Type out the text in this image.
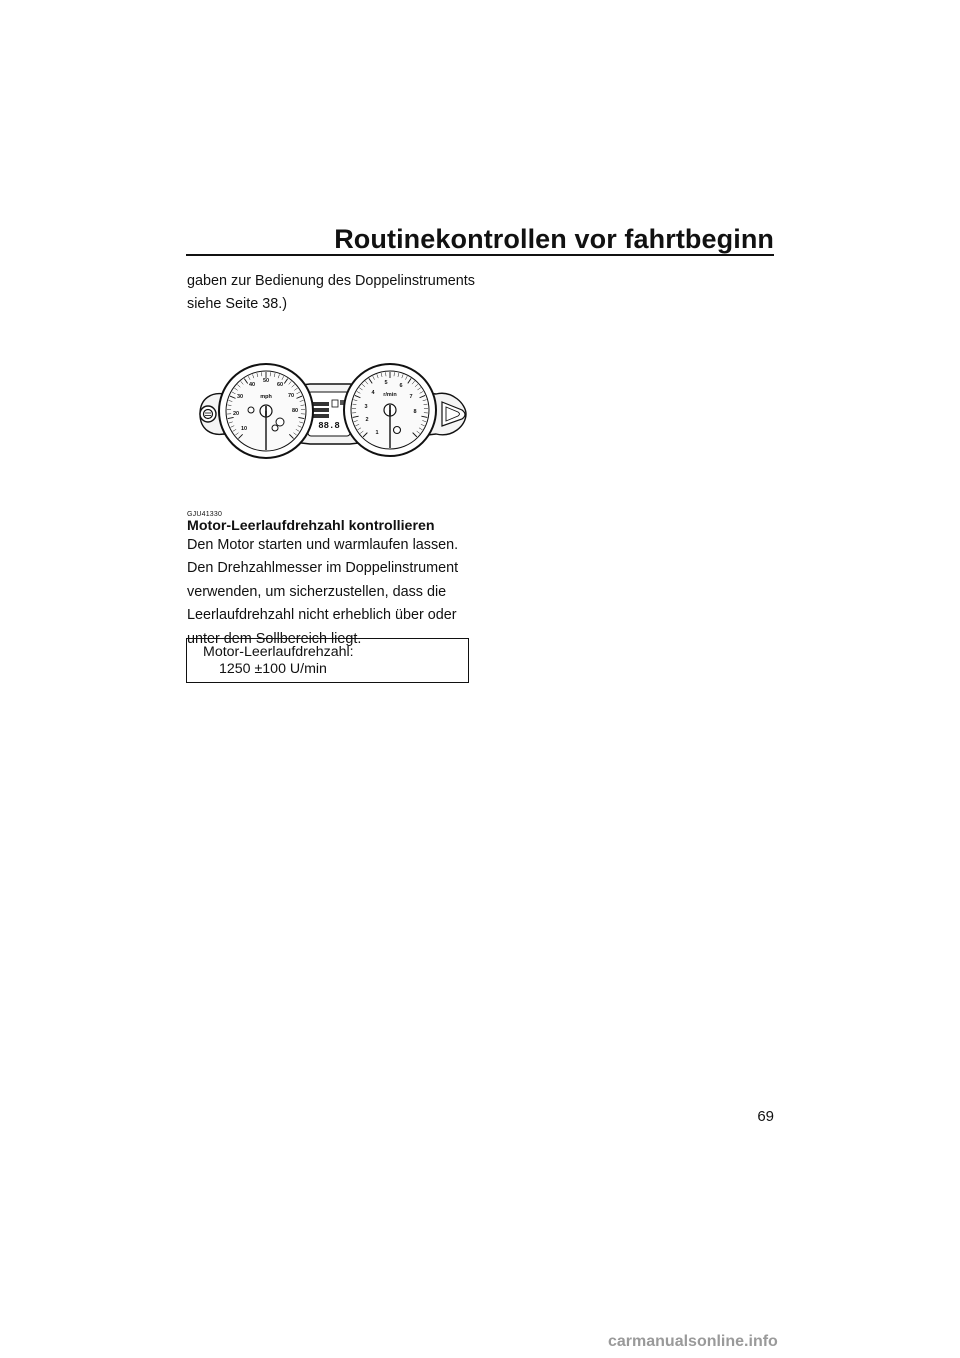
Routinekontrollen vor fahrtbeginn
gaben zur Bedienung des Doppelinstruments
siehe Seite 38.)
88.8
10
20
30
40
50
60
70
80
mph
1
2
3
4
5 6
7
8
r/min
GJU41330
Motor-Leerlaufdrehzahl kontrollieren
Den Motor starten und warmlaufen lassen.
Den Drehzahlmesser im Doppelinstrument
verwenden, um sicherzustellen, dass die
Leerlaufdrehzahl nicht erheblich über oder
unter dem Sollbereich liegt.
Motor-Leerlaufdrehzahl:
1250 ±100 U/min
69
carmanualsonline.info
